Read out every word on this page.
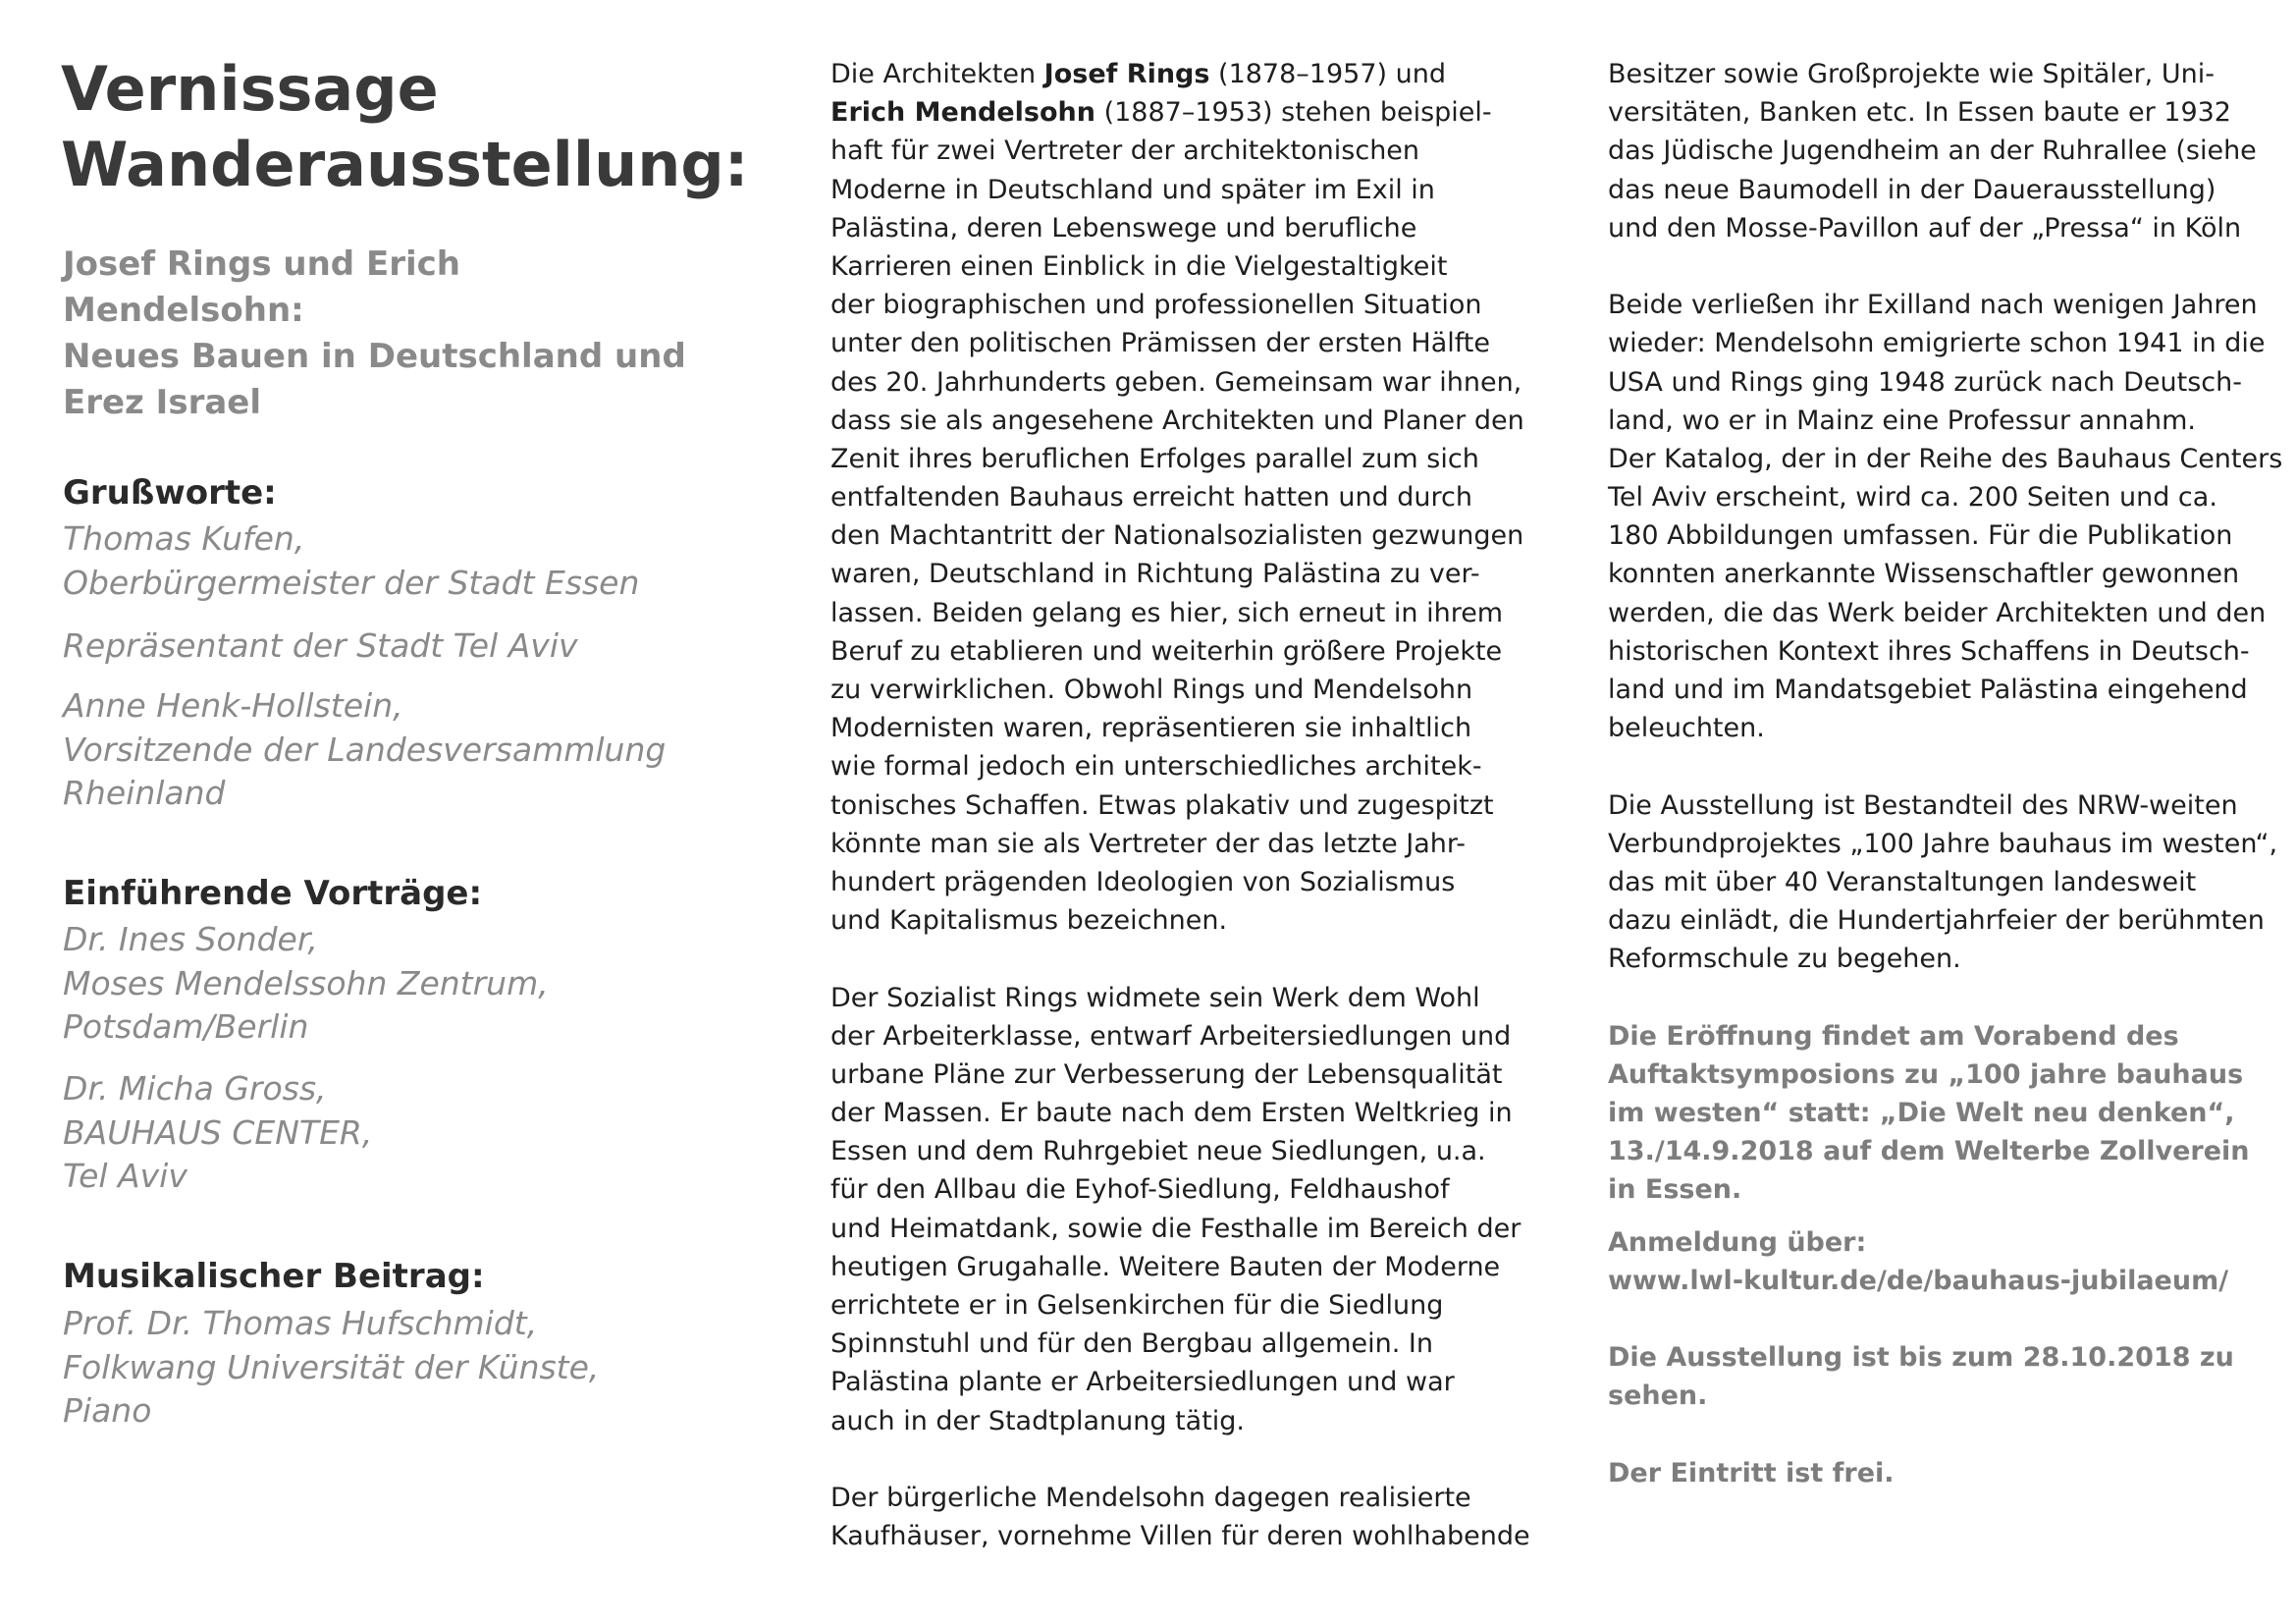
Vernissage
Wanderausstellung:

Josef Rings und Erich Mendelsohn:
Neues Bauen in Deutschland und
Erez Israel

Grußworte:

Thomas Kufen,
Oberbürgermeister der Stadt Essen

Repräsentant der Stadt Tel Aviv

Anne Henk-Hollstein,
Vorsitzende der Landesversammlung
Rheinland

Einführende Vorträge:

Dr. Ines Sonder,
Moses Mendelssohn Zentrum,
Potsdam/Berlin

Dr. Micha Gross,
BAUHAUS CENTER,
Tel Aviv

Musikalischer Beitrag:

Prof. Dr. Thomas Hufschmidt,
Folkwang Universität der Künste,
Piano

Die Architekten Josef Rings (1878–1957) und
Erich Mendelsohn (1887–1953) stehen beispiel-
haft für zwei Vertreter der architektonischen
Moderne in Deutschland und später im Exil in
Palästina, deren Lebenswege und berufliche
Karrieren einen Einblick in die Vielgestaltigkeit
der biographischen und professionellen Situation
unter den politischen Prämissen der ersten Hälfte
des 20. Jahrhunderts geben. Gemeinsam war ihnen,
dass sie als angesehene Architekten und Planer den
Zenit ihres beruflichen Erfolges parallel zum sich
entfaltenden Bauhaus erreicht hatten und durch
den Machtantritt der Nationalsozialisten gezwungen
waren, Deutschland in Richtung Palästina zu ver-
lassen. Beiden gelang es hier, sich erneut in ihrem
Beruf zu etablieren und weiterhin größere Projekte
zu verwirklichen. Obwohl Rings und Mendelsohn
Modernisten waren, repräsentieren sie inhaltlich
wie formal jedoch ein unterschiedliches architek-
tonisches Schaffen. Etwas plakativ und zugespitzt
könnte man sie als Vertreter der das letzte Jahr-
hundert prägenden Ideologien von Sozialismus
und Kapitalismus bezeichnen.
Der Sozialist Rings widmete sein Werk dem Wohl
der Arbeiterklasse, entwarf Arbeitersiedlungen und
urbane Pläne zur Verbesserung der Lebensqualität
der Massen. Er baute nach dem Ersten Weltkrieg in
Essen und dem Ruhrgebiet neue Siedlungen, u.a.
für den Allbau die Eyhof-Siedlung, Feldhaushof
und Heimatdank, sowie die Festhalle im Bereich der
heutigen Grugahalle. Weitere Bauten der Moderne
errichtete er in Gelsenkirchen für die Siedlung
Spinnstuhl und für den Bergbau allgemein. In
Palästina plante er Arbeitersiedlungen und war
auch in der Stadtplanung tätig.
Der bürgerliche Mendelsohn dagegen realisierte
Kaufhäuser, vornehme Villen für deren wohlhabende
Besitzer sowie Großprojekte wie Spitäler, Uni-
versitäten, Banken etc. In Essen baute er 1932
das Jüdische Jugendheim an der Ruhrallee (siehe
das neue Baumodell in der Dauerausstellung)
und den Mosse-Pavillon auf der „Pressa“ in Köln
Beide verließen ihr Exilland nach wenigen Jahren
wieder: Mendelsohn emigrierte schon 1941 in die
USA und Rings ging 1948 zurück nach Deutsch-
land, wo er in Mainz eine Professur annahm.
Der Katalog, der in der Reihe des Bauhaus Centers
Tel Aviv erscheint, wird ca. 200 Seiten und ca.
180 Abbildungen umfassen. Für die Publikation
konnten anerkannte Wissenschaftler gewonnen
werden, die das Werk beider Architekten und den
historischen Kontext ihres Schaffens in Deutsch-
land und im Mandatsgebiet Palästina eingehend
beleuchten.
Die Ausstellung ist Bestandteil des NRW-weiten
Verbundprojektes „100 Jahre bauhaus im westen“,
das mit über 40 Veranstaltungen landesweit
dazu einlädt, die Hundertjahrfeier der berühmten
Reformschule zu begehen.
Die Eröffnung findet am Vorabend des
Auftaktsymposions zu „100 jahre bauhaus
im westen“ statt: „Die Welt neu denken“,
13./14.9.2018 auf dem Welterbe Zollverein
in Essen.
Anmeldung über:
www.lwl-kultur.de/de/bauhaus-jubilaeum/
Die Ausstellung ist bis zum 28.10.2018 zu
sehen.
Der Eintritt ist frei.
